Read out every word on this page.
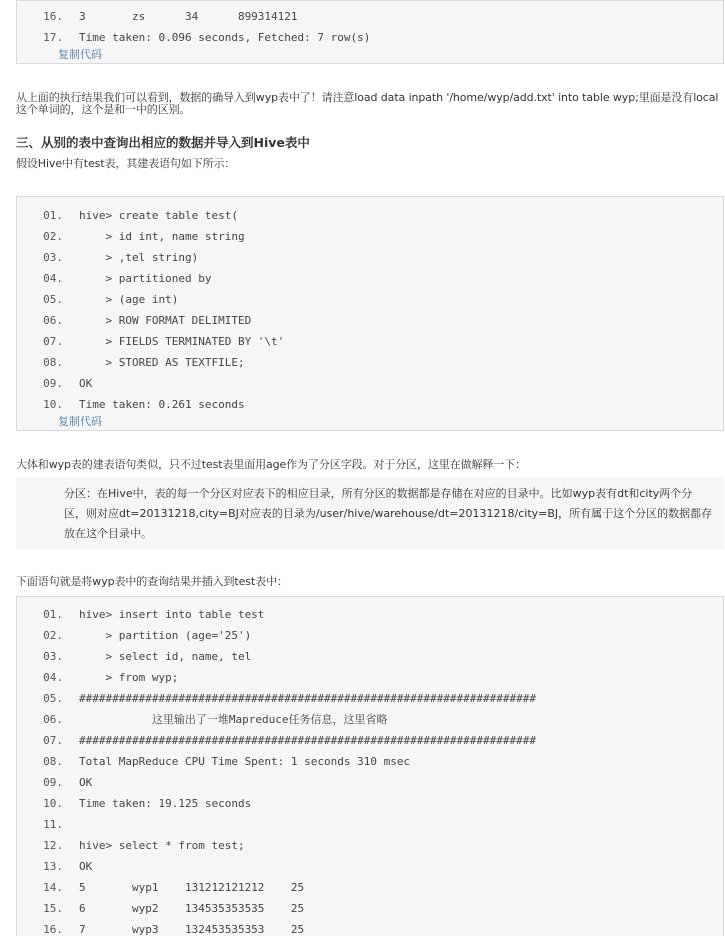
16.	3       zs      34      899314121
17.	Time taken: 0.096 seconds, Fetched: 7 row(s)
复制代码

从上面的执行结果我们可以看到，数据的确导入到wyp表中了！请注意load data inpath '/home/wyp/add.txt' into table wyp;里面是没有local这个单词的，这个是和一中的区别。

三、从别的表中查询出相应的数据并导入到Hive表中

假设Hive中有test表，其建表语句如下所示：

01.	hive> create table test(
02.	> id int, name string
03.	> ,tel string)
04.	> partitioned by
05.	> (age int)
06.	> ROW FORMAT DELIMITED
07.	> FIELDS TERMINATED BY '\t'
08.	> STORED AS TEXTFILE;
09.	OK
10.	Time taken: 0.261 seconds
复制代码

大体和wyp表的建表语句类似，只不过test表里面用age作为了分区字段。对于分区，这里在做解释一下：

分区：在Hive中，表的每一个分区对应表下的相应目录，所有分区的数据都是存储在对应的目录中。比如wyp表有dt和city两个分区，则对应dt=20131218,city=BJ对应表的目录为/user/hive/warehouse/dt=20131218/city=BJ，所有属于这个分区的数据都存放在这个目录中。

下面语句就是将wyp表中的查询结果并插入到test表中：

01.	hive> insert into table test
02.	> partition (age='25')
03.	> select id, name, tel
04.	> from wyp;
05.	#####################################################################
06.	这里输出了一堆Mapreduce任务信息，这里省略
07.	#####################################################################
08.	Total MapReduce CPU Time Spent: 1 seconds 310 msec
09.	OK
10.	Time taken: 19.125 seconds
11.
12.	hive> select * from test;
13.	OK
14.	5       wyp1    131212121212    25
15.	6       wyp2    134535353535    25
16.	7       wyp3    132453535353    25
